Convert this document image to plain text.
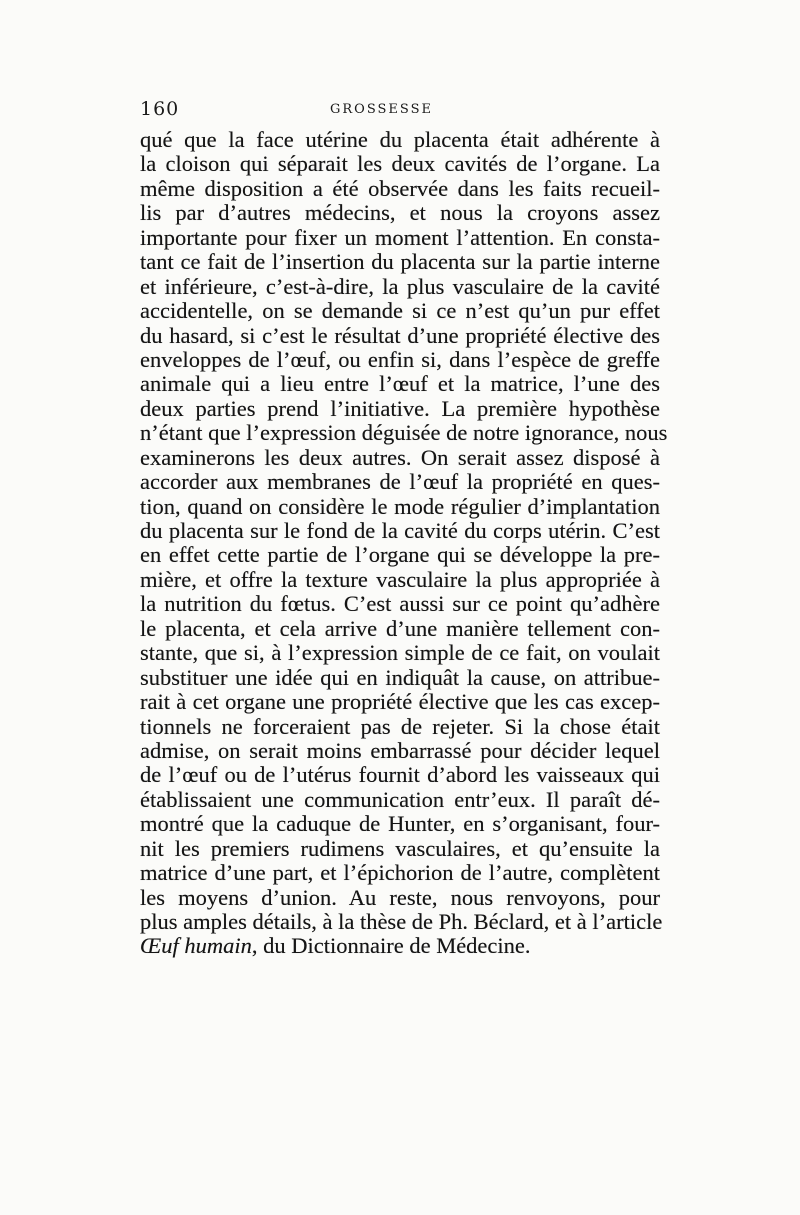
160	GROSSESSE
qué que la face utérine du placenta était adhérente à
la cloison qui séparait les deux cavités de l’organe. La
même disposition a été observée dans les faits recueil-
lis par d’autres médecins, et nous la croyons assez
importante pour fixer un moment l’attention. En consta-
tant ce fait de l’insertion du placenta sur la partie interne
et inférieure, c’est-à-dire, la plus vasculaire de la cavité
accidentelle, on se demande si ce n’est qu’un pur effet
du hasard, si c’est le résultat d’une propriété élective des
enveloppes de l’œuf, ou enfin si, dans l’espèce de greffe
animale qui a lieu entre l’œuf et la matrice, l’une des
deux parties prend l’initiative. La première hypothèse
n’étant que l’expression déguisée de notre ignorance, nous
examinerons les deux autres. On serait assez disposé à
accorder aux membranes de l’œuf la propriété en ques-
tion, quand on considère le mode régulier d’implantation
du placenta sur le fond de la cavité du corps utérin. C’est
en effet cette partie de l’organe qui se développe la pre-
mière, et offre la texture vasculaire la plus appropriée à
la nutrition du fœtus. C’est aussi sur ce point qu’adhère
le placenta, et cela arrive d’une manière tellement con-
stante, que si, à l’expression simple de ce fait, on voulait
substituer une idée qui en indiquât la cause, on attribue-
rait à cet organe une propriété élective que les cas excep-
tionnels ne forceraient pas de rejeter. Si la chose était
admise, on serait moins embarrassé pour décider lequel
de l’œuf ou de l’utérus fournit d’abord les vaisseaux qui
établissaient une communication entr’eux. Il paraît dé-
montré que la caduque de Hunter, en s’organisant, four-
nit les premiers rudimens vasculaires, et qu’ensuite la
matrice d’une part, et l’épichorion de l’autre, complètent
les moyens d’union. Au reste, nous renvoyons, pour
plus amples détails, à la thèse de Ph. Béclard, et à l’article
Œuf humain, du Dictionnaire de Médecine.
